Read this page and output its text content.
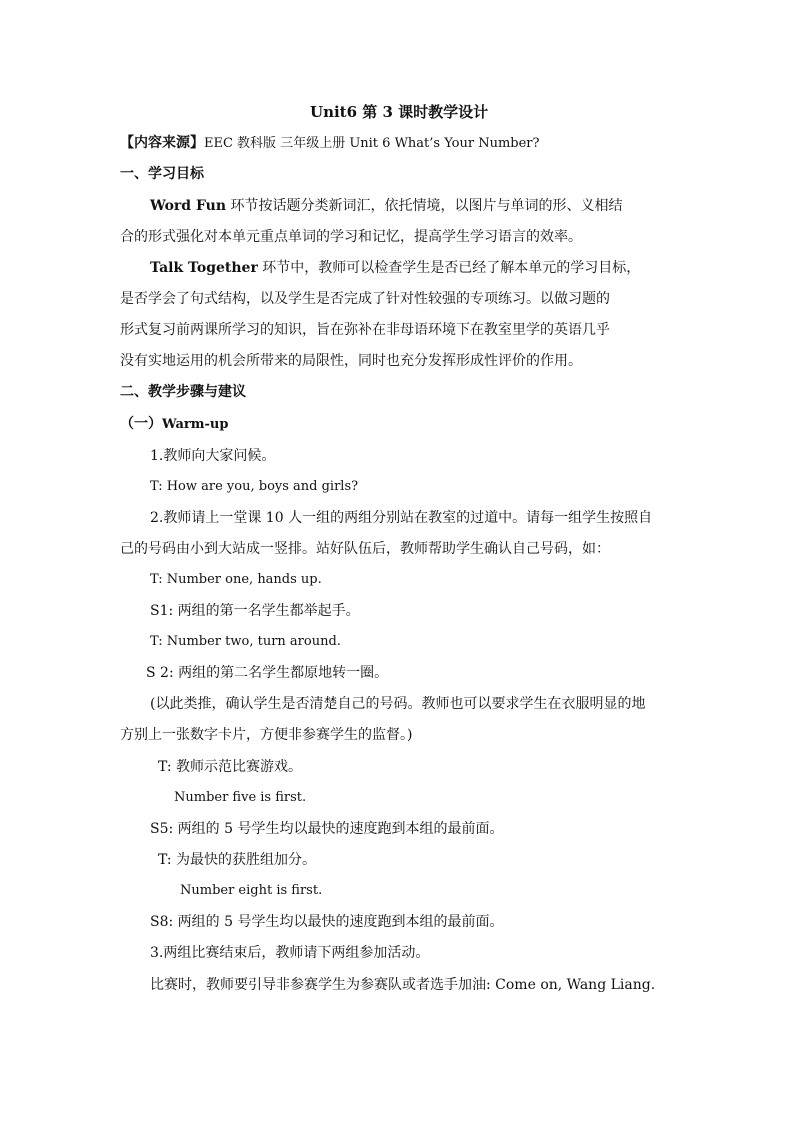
Unit6 第 3 课时教学设计
【内容来源】EEC 教科版 三年级上册 Unit 6 What’s Your Number?
一、学习目标
Word Fun 环节按话题分类新词汇，依托情境，以图片与单词的形、义相结
合的形式强化对本单元重点单词的学习和记忆，提高学生学习语言的效率。
Talk Together 环节中，教师可以检查学生是否已经了解本单元的学习目标，
是否学会了句式结构，以及学生是否完成了针对性较强的专项练习。以做习题的
形式复习前两课所学习的知识，旨在弥补在非母语环境下在教室里学的英语几乎
没有实地运用的机会所带来的局限性，同时也充分发挥形成性评价的作用。
二、教学步骤与建议
（一）Warm-up
1.教师向大家问候。
T: How are you, boys and girls?
2.教师请上一堂课 10 人一组的两组分别站在教室的过道中。请每一组学生按照自
己的号码由小到大站成一竖排。站好队伍后，教师帮助学生确认自己号码，如：
T: Number one, hands up.
S1: 两组的第一名学生都举起手。
T: Number two, turn around.
S 2: 两组的第二名学生都原地转一圈。
(以此类推，确认学生是否清楚自己的号码。教师也可以要求学生在衣服明显的地
方别上一张数字卡片，方便非参赛学生的监督。)
T: 教师示范比赛游戏。
Number five is first.
S5: 两组的 5 号学生均以最快的速度跑到本组的最前面。
T: 为最快的获胜组加分。
Number eight is first.
S8: 两组的 5 号学生均以最快的速度跑到本组的最前面。
3.两组比赛结束后，教师请下两组参加活动。
比赛时，教师要引导非参赛学生为参赛队或者选手加油: Come on, Wang Liang.
